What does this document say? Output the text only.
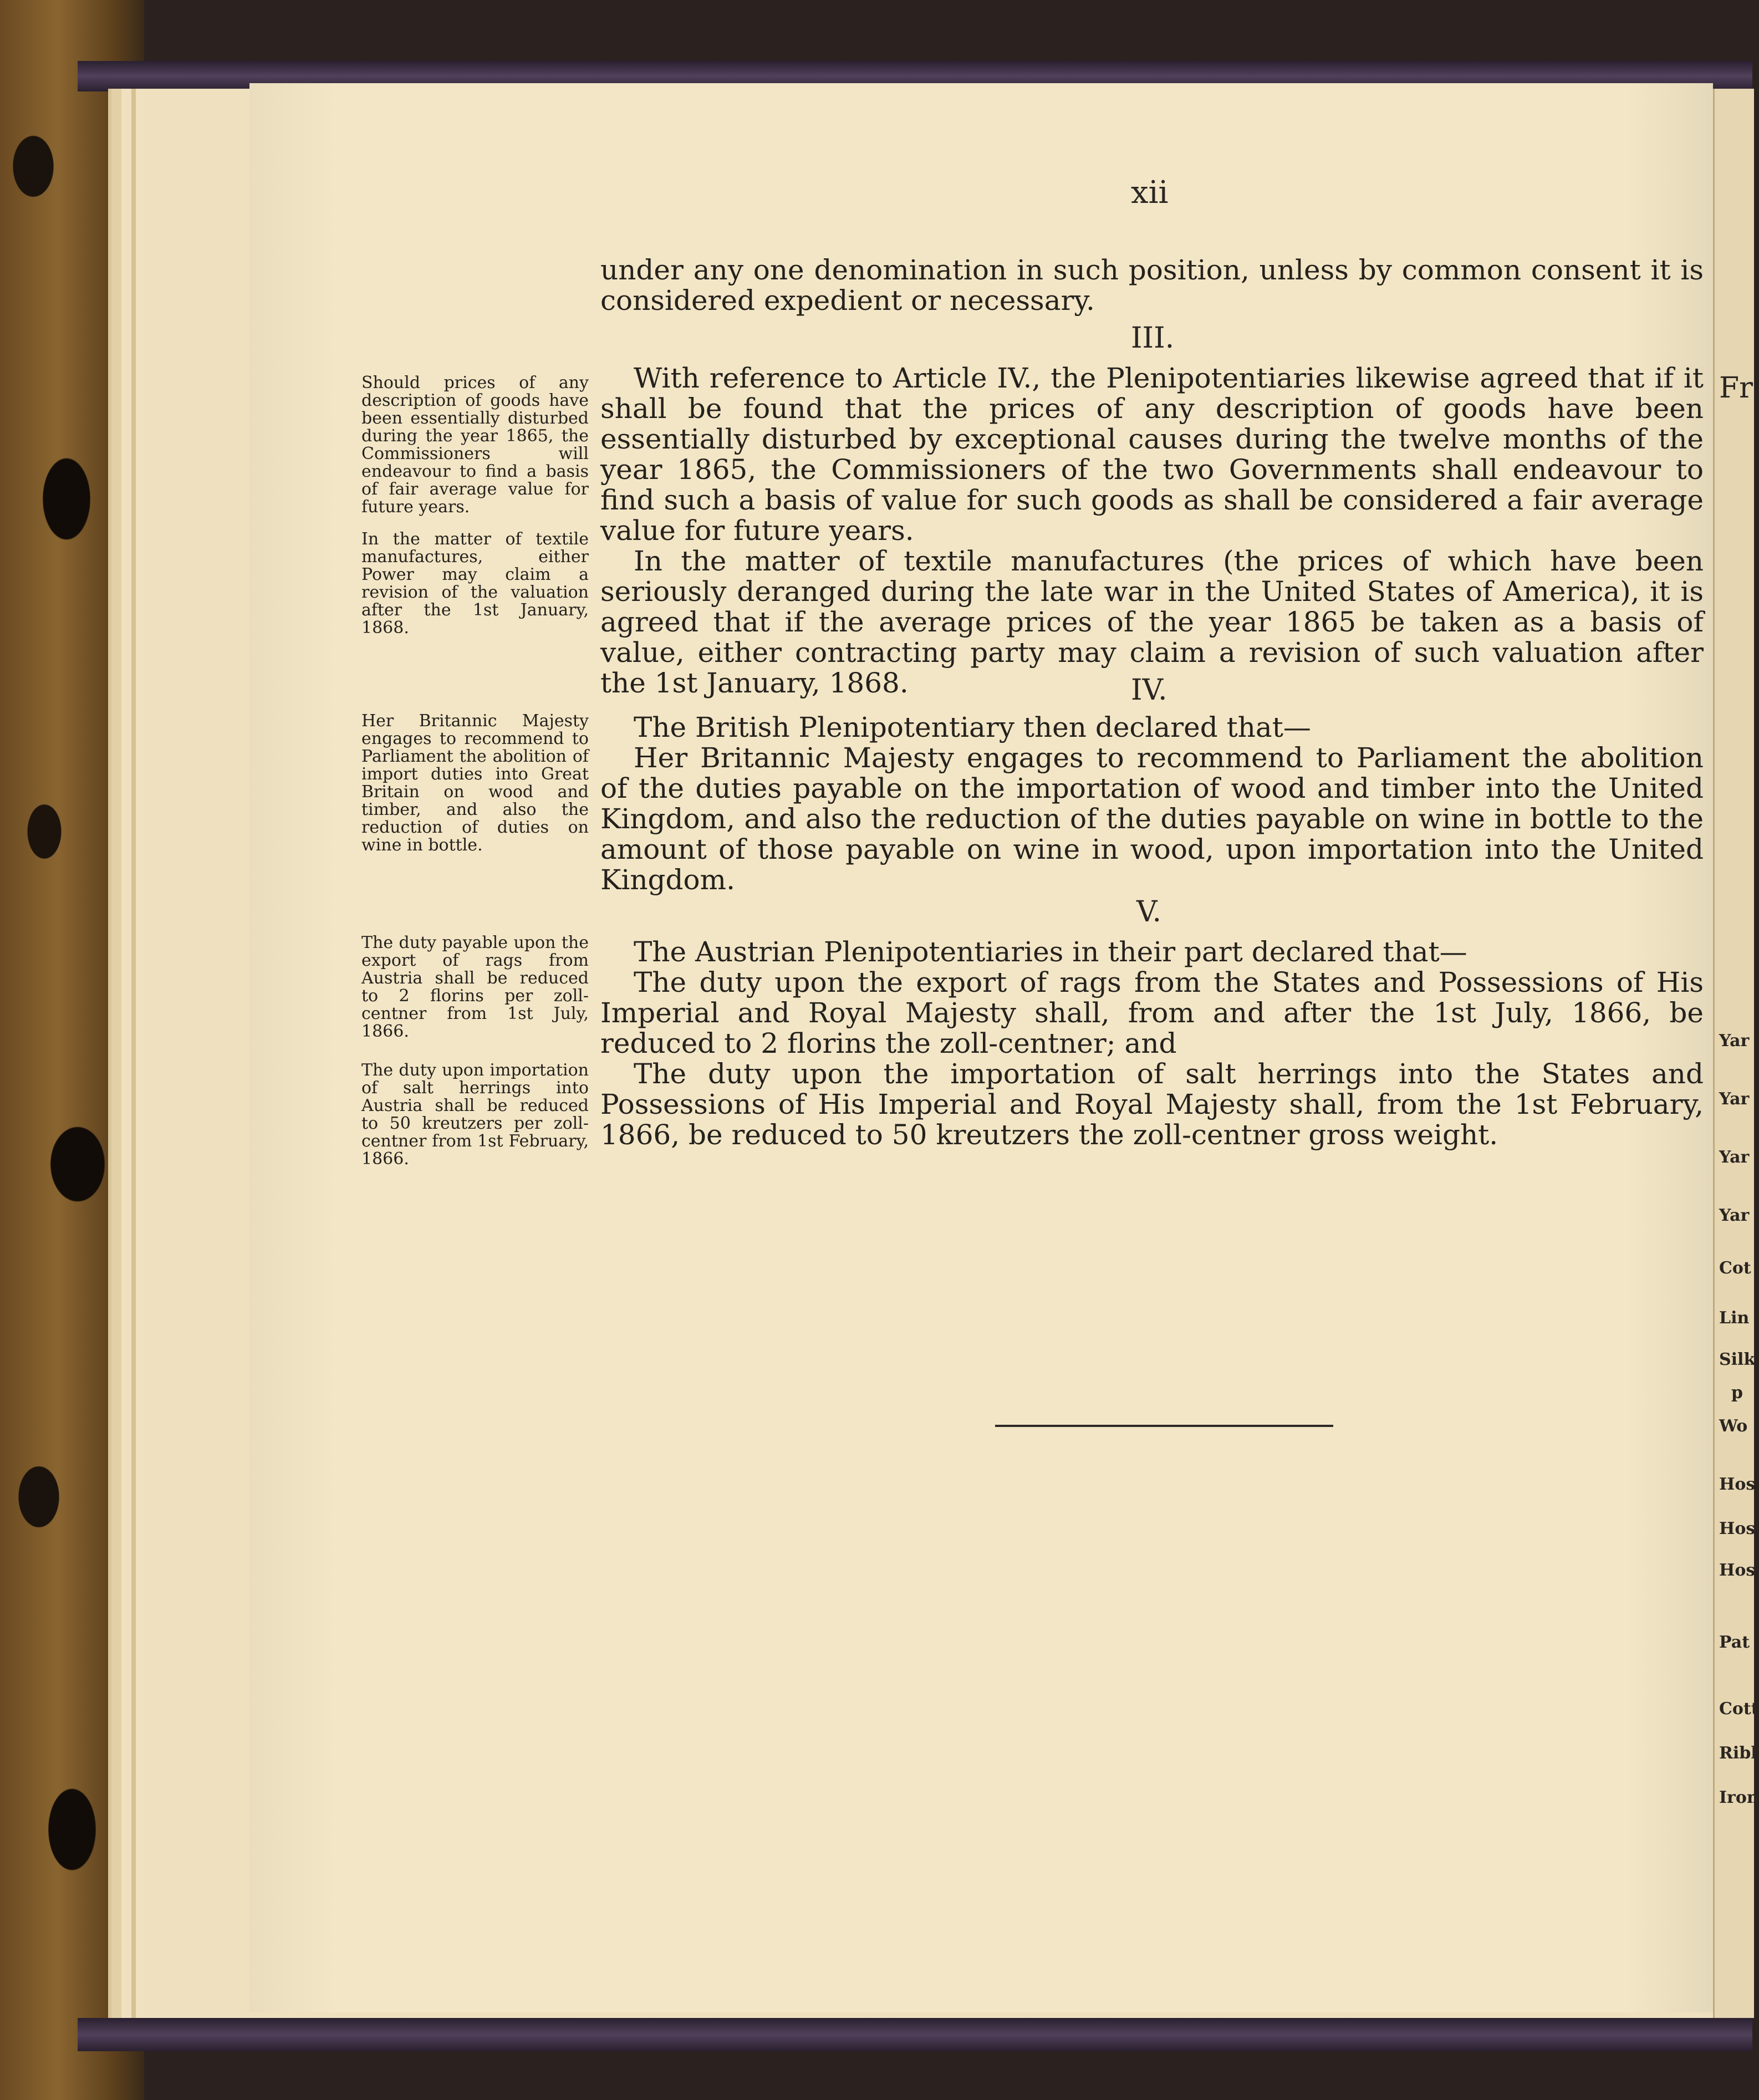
xii

under any one denomination in such position, unless by common consent it is considered expedient or necessary.

III.

With reference to Article IV., the Plenipotentiaries likewise agreed that if it shall be found that the prices of any description of goods have been essentially disturbed by exceptional causes during the twelve months of the year 1865, the Commissioners of the two Governments shall endeavour to find such a basis of value for such goods as shall be considered a fair average value for future years.

In the matter of textile manufactures (the prices of which have been seriously deranged during the late war in the United States of America), it is agreed that if the average prices of the year 1865 be taken as a basis of value, either contracting party may claim a revision of such valuation after the 1st January, 1868.	IV.

The British Plenipotentiary then declared that—

Her Britannic Majesty engages to recommend to Parliament the abolition of the duties payable on the importation of wood and timber into the United Kingdom, and also the reduction of the duties payable on wine in bottle to the amount of those payable on wine in wood, upon importation into the United Kingdom.

V.

The Austrian Plenipotentiaries in their part declared that—

The duty upon the export of rags from the States and Possessions of His Imperial and Royal Majesty shall, from and after the 1st July, 1866, be reduced to 2 florins the zoll-centner; and

The duty upon the importation of salt herrings into the States and Possessions of His Imperial and Royal Majesty shall, from the 1st February, 1866, be reduced to 50 kreutzers the zoll-centner gross weight.

Should prices of any description of goods have been essentially disturbed during the year 1865, the Commissioners will endeavour to find a basis of fair average value for future years.
In the matter of textile manufactures, either Power may claim a revision of the valuation after the 1st January, 1868.
Her Britannic Majesty engages to recommend to Parliament the abolition of import duties into Great Britain on wood and timber, and also the reduction of duties on wine in bottle.
The duty payable upon the export of rags from Austria shall be reduced to 2 florins per zoll-centner from 1st July, 1866.
The duty upon importation of salt herrings into Austria shall be reduced to 50 kreutzers per zoll-centner from 1st February, 1866.
Fr
Yar
Yar
Yar
Yar
Cot
Lin
Silk
p
Wo
Hos
Hos
Hos
Pat
Cott
Ribl
Iron
